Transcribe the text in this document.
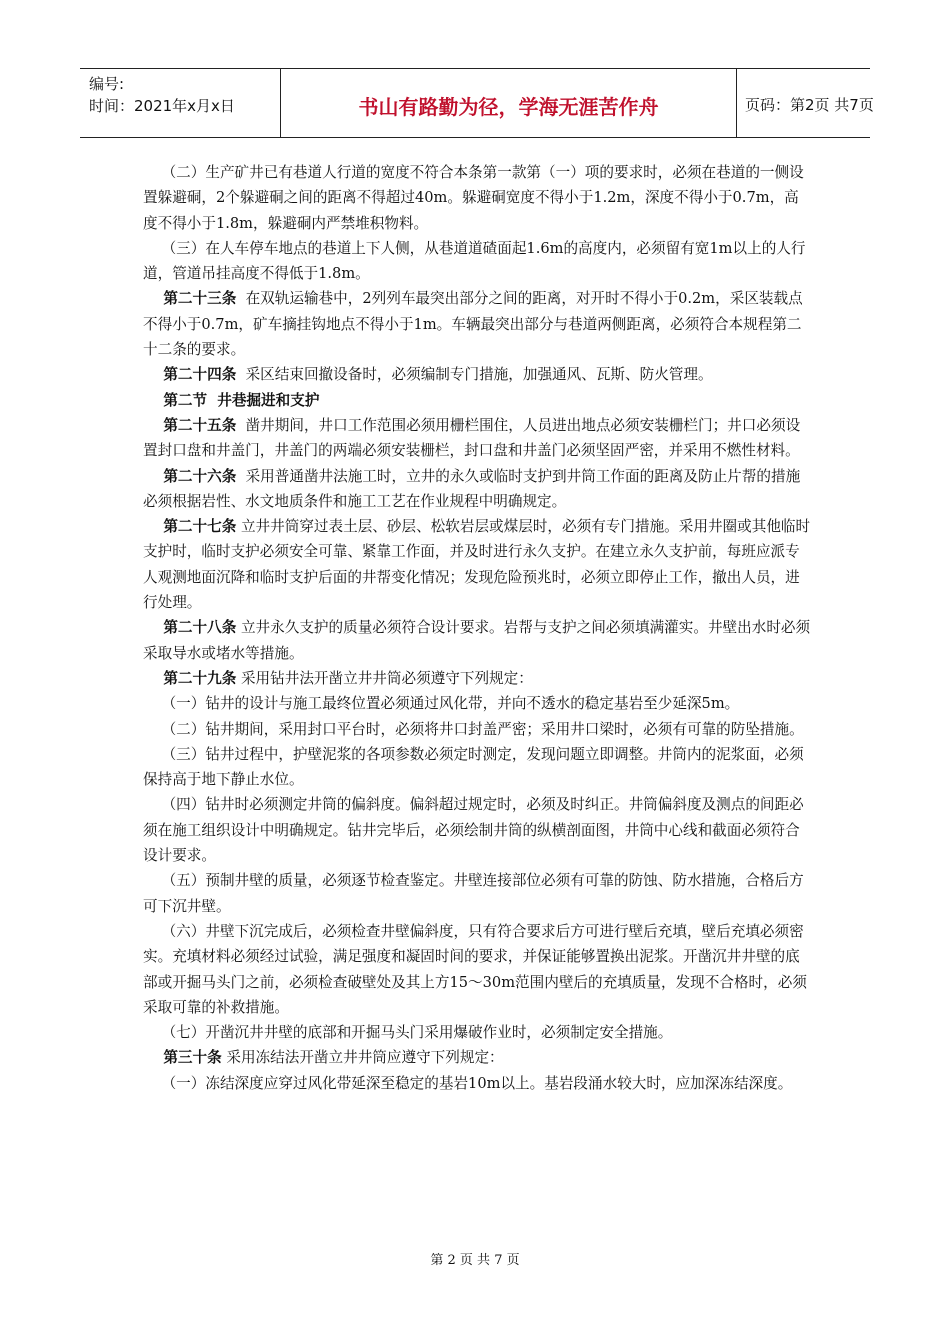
编号:
时间：2021年x月x日	书山有路勤为径，学海无涯苦作舟	页码：第2页 共7页
（二）生产矿井已有巷道人行道的宽度不符合本条第一款第（一）项的要求时，必须在巷道的一侧设置躲避硐，2个躲避硐之间的距离不得超过40m。躲避硐宽度不得小于1.2m，深度不得小于0.7m，高度不得小于1.8m，躲避硐内严禁堆积物料。
（三）在人车停车地点的巷道上下人侧，从巷道道碴面起1.6m的高度内，必须留有宽1m以上的人行道，管道吊挂高度不得低于1.8m。
第二十三条  在双轨运输巷中，2列列车最突出部分之间的距离，对开时不得小于0.2m，采区装载点不得小于0.7m，矿车摘挂钩地点不得小于1m。车辆最突出部分与巷道两侧距离，必须符合本规程第二十二条的要求。
第二十四条  采区结束回撤设备时，必须编制专门措施，加强通风、瓦斯、防火管理。
第二节  井巷掘进和支护
第二十五条  凿井期间，井口工作范围必须用栅栏围住，人员进出地点必须安装栅栏门；井口必须设置封口盘和井盖门，井盖门的两端必须安装栅栏，封口盘和井盖门必须坚固严密，并采用不燃性材料。
第二十六条  采用普通凿井法施工时，立井的永久或临时支护到井筒工作面的距离及防止片帮的措施必须根据岩性、水文地质条件和施工工艺在作业规程中明确规定。
第二十七条 立井井筒穿过表土层、砂层、松软岩层或煤层时，必须有专门措施。采用井圈或其他临时支护时，临时支护必须安全可靠、紧靠工作面，并及时进行永久支护。在建立永久支护前，每班应派专人观测地面沉降和临时支护后面的井帮变化情况；发现危险预兆时，必须立即停止工作，撤出人员，进行处理。
第二十八条 立井永久支护的质量必须符合设计要求。岩帮与支护之间必须填满灌实。井壁出水时必须采取导水或堵水等措施。
第二十九条 采用钻井法开凿立井井筒必须遵守下列规定：
（一）钻井的设计与施工最终位置必须通过风化带，并向不透水的稳定基岩至少延深5m。
（二）钻井期间，采用封口平台时，必须将井口封盖严密；采用井口梁时，必须有可靠的防坠措施。
（三）钻井过程中，护壁泥浆的各项参数必须定时测定，发现问题立即调整。井筒内的泥浆面，必须保持高于地下静止水位。
（四）钻井时必须测定井筒的偏斜度。偏斜超过规定时，必须及时纠正。井筒偏斜度及测点的间距必须在施工组织设计中明确规定。钻井完毕后，必须绘制井筒的纵横剖面图，井筒中心线和截面必须符合设计要求。
（五）预制井壁的质量，必须逐节检查鉴定。井壁连接部位必须有可靠的防蚀、防水措施，合格后方可下沉井壁。
（六）井壁下沉完成后，必须检查井壁偏斜度，只有符合要求后方可进行壁后充填，壁后充填必须密实。充填材料必须经过试验，满足强度和凝固时间的要求，并保证能够置换出泥浆。开凿沉井井壁的底部或开掘马头门之前，必须检查破壁处及其上方15～30m范围内壁后的充填质量，发现不合格时，必须采取可靠的补救措施。
（七）开凿沉井井壁的底部和开掘马头门采用爆破作业时，必须制定安全措施。
第三十条 采用冻结法开凿立井井筒应遵守下列规定：
（一）冻结深度应穿过风化带延深至稳定的基岩10m以上。基岩段涌水较大时，应加深冻结深度。
第 2 页 共 7 页
